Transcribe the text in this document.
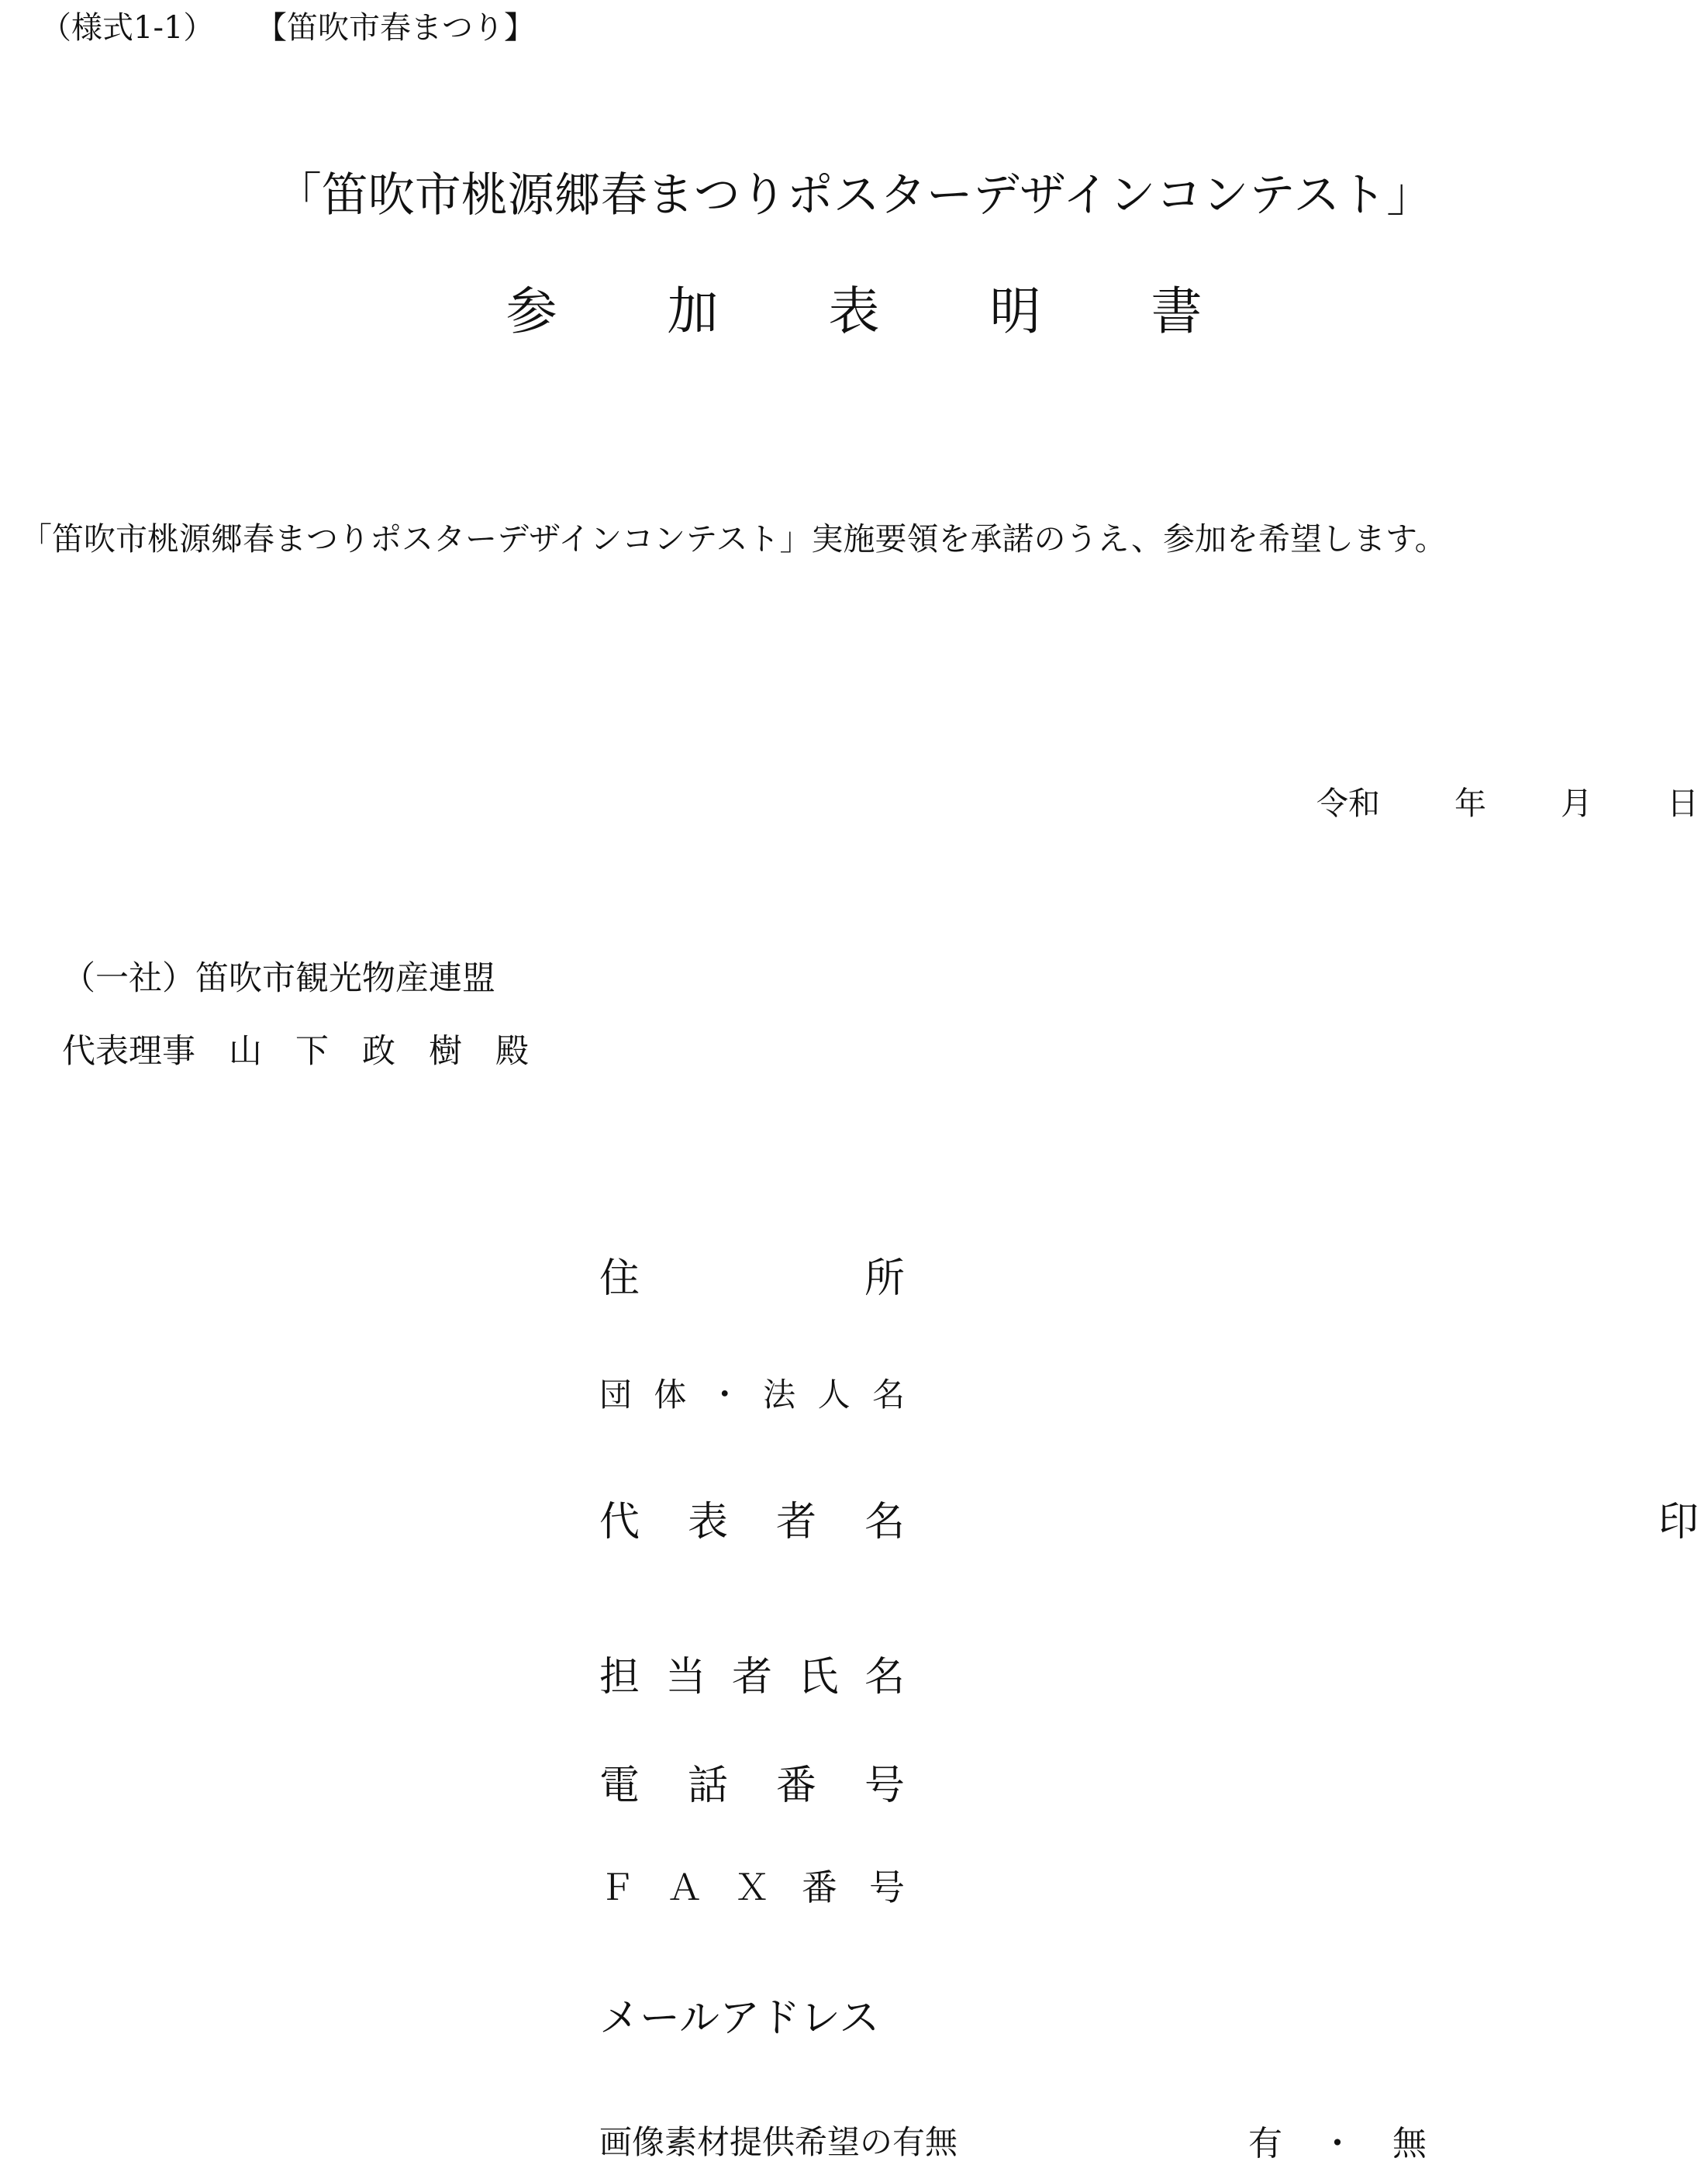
（様式1-1） 【笛吹市春まつり】
「笛吹市桃源郷春まつりポスターデザインコンテスト」
参加表明書
「笛吹市桃源郷春まつりポスターデザインコンテスト」実施要領を承諾のうえ、参加を希望します。
令和 年 月 日
（一社）笛吹市観光物産連盟
代表理事　山　下　政　樹　殿
住	所
団 体 ・ 法 人 名
代 表 者 名	印
担 当 者 氏 名
電 話 番 号
Ｆ Ａ Ｘ 番 号
メールアドレス
画像素材提供希望の有無	有 ・ 無
